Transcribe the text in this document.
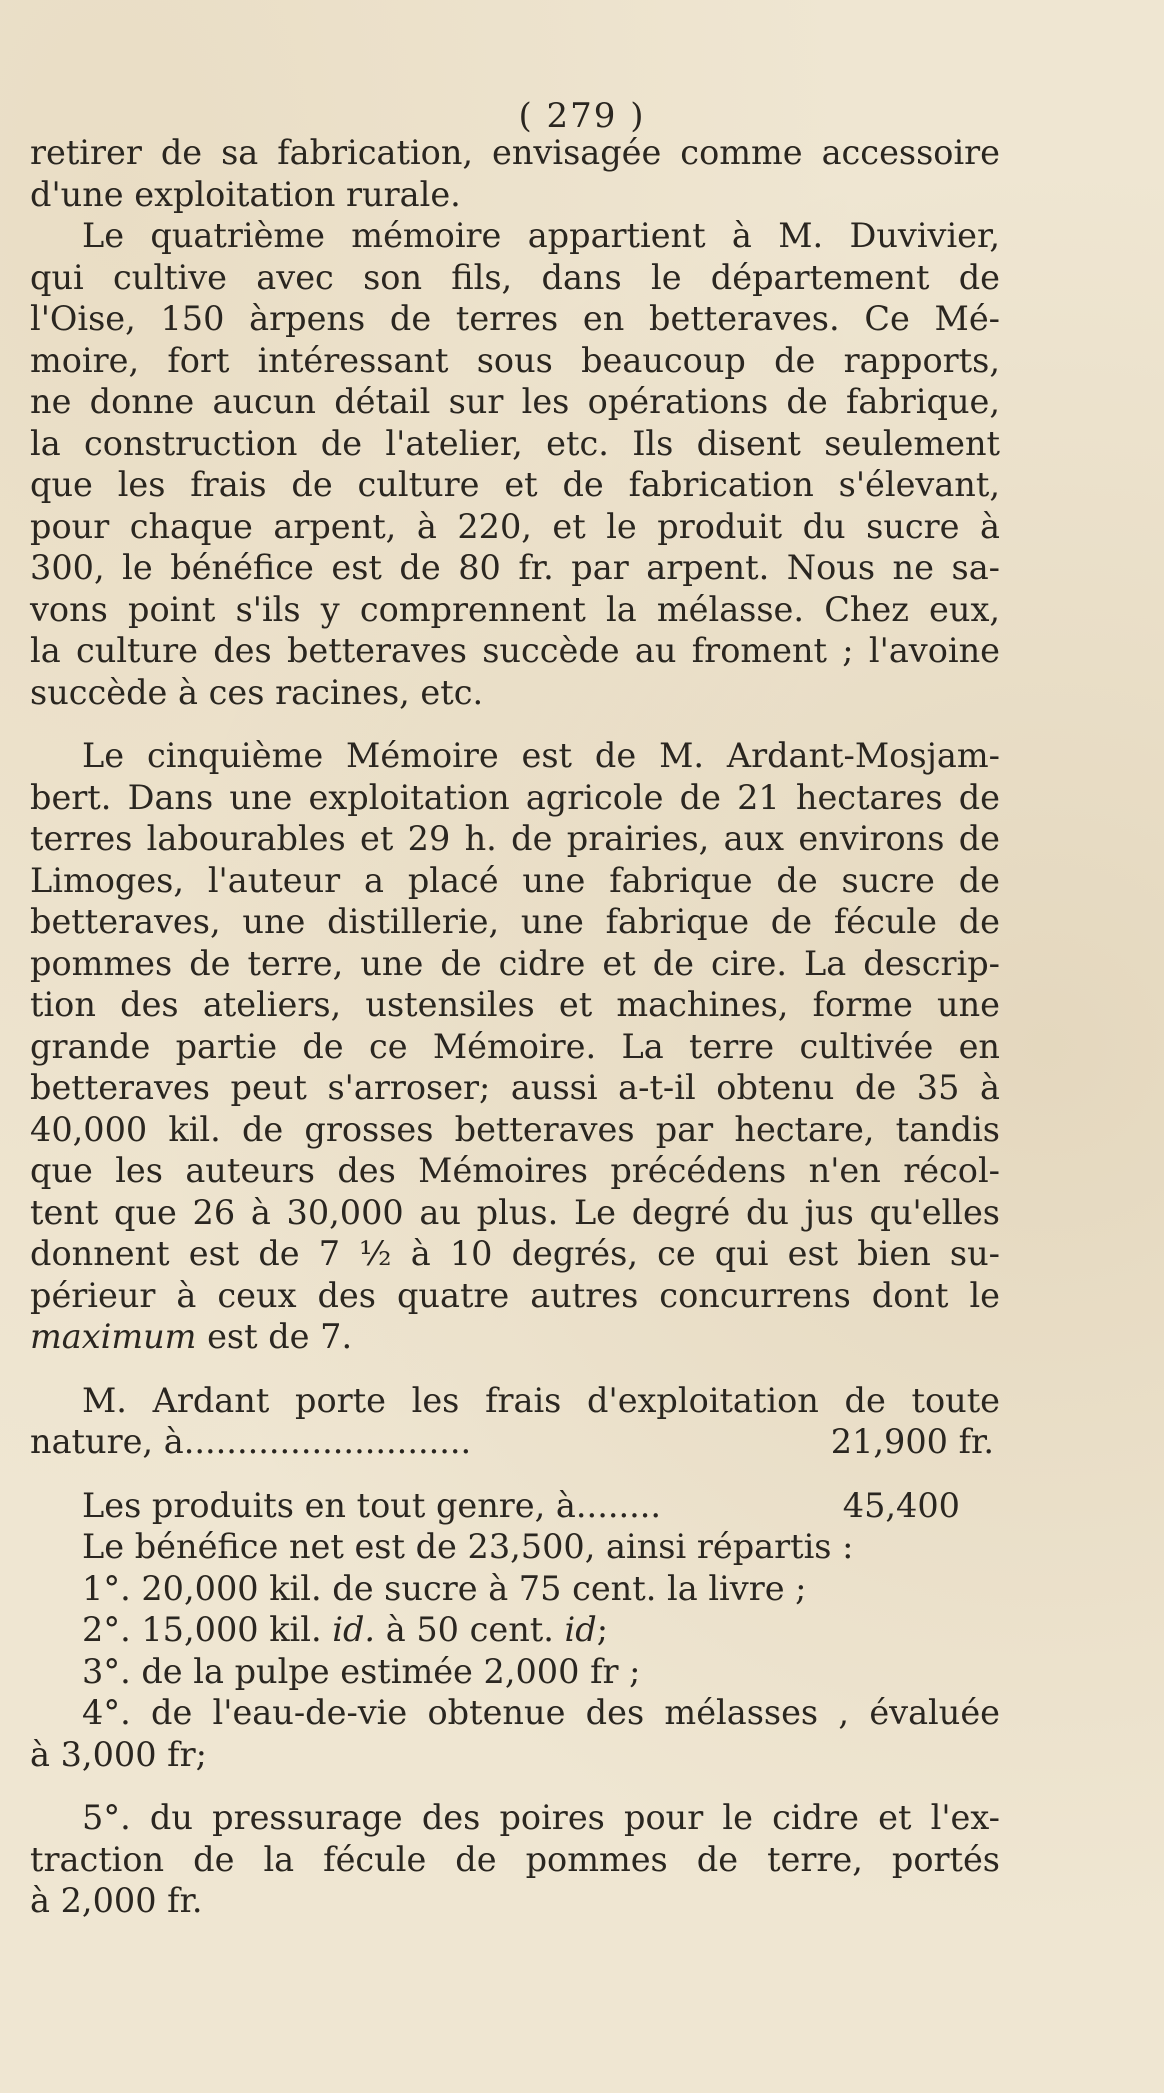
( 279 )

retirer de sa fabrication, envisagée comme accessoire
d'une exploitation rurale.

Le quatrième mémoire appartient à M. Duvivier,
qui cultive avec son fils, dans le département de
l'Oise, 150 àrpens de terres en betteraves. Ce Mé-
moire, fort intéressant sous beaucoup de rapports,
ne donne aucun détail sur les opérations de fabrique,
la construction de l'atelier, etc. Ils disent seulement
que les frais de culture et de fabrication s'élevant,
pour chaque arpent, à 220, et le produit du sucre à
300, le bénéfice est de 80 fr. par arpent. Nous ne sa-
vons point s'ils y comprennent la mélasse. Chez eux,
la culture des betteraves succède au froment ; l'avoine
succède à ces racines, etc.

Le cinquième Mémoire est de M. Ardant-Mosjam-
bert. Dans une exploitation agricole de 21 hectares de
terres labourables et 29 h. de prairies, aux environs de
Limoges, l'auteur a placé une fabrique de sucre de
betteraves, une distillerie, une fabrique de fécule de
pommes de terre, une de cidre et de cire. La descrip-
tion des ateliers, ustensiles et machines, forme une
grande partie de ce Mémoire. La terre cultivée en
betteraves peut s'arroser; aussi a-t-il obtenu de 35 à
40,000 kil. de grosses betteraves par hectare, tandis
que les auteurs des Mémoires précédens n'en récol-
tent que 26 à 30,000 au plus. Le degré du jus qu'elles
donnent est de 7 ½ à 10 degrés, ce qui est bien su-
périeur à ceux des quatre autres concurrens dont le
maximum est de 7.

M. Ardant porte les frais d'exploitation de toute
nature, à...........................	21,900 fr.

Les produits en tout genre, à........	45,400
Le bénéfice net est de 23,500, ainsi répartis :
1°. 20,000 kil. de sucre à 75 cent. la livre ;
2°. 15,000 kil. id. à 50 cent. id;
3°. de la pulpe estimée 2,000 fr ;
4°. de l'eau-de-vie obtenue des mélasses , évaluée
à 3,000 fr;

5°. du pressurage des poires pour le cidre et l'ex-
traction de la fécule de pommes de terre, portés
à 2,000 fr.
